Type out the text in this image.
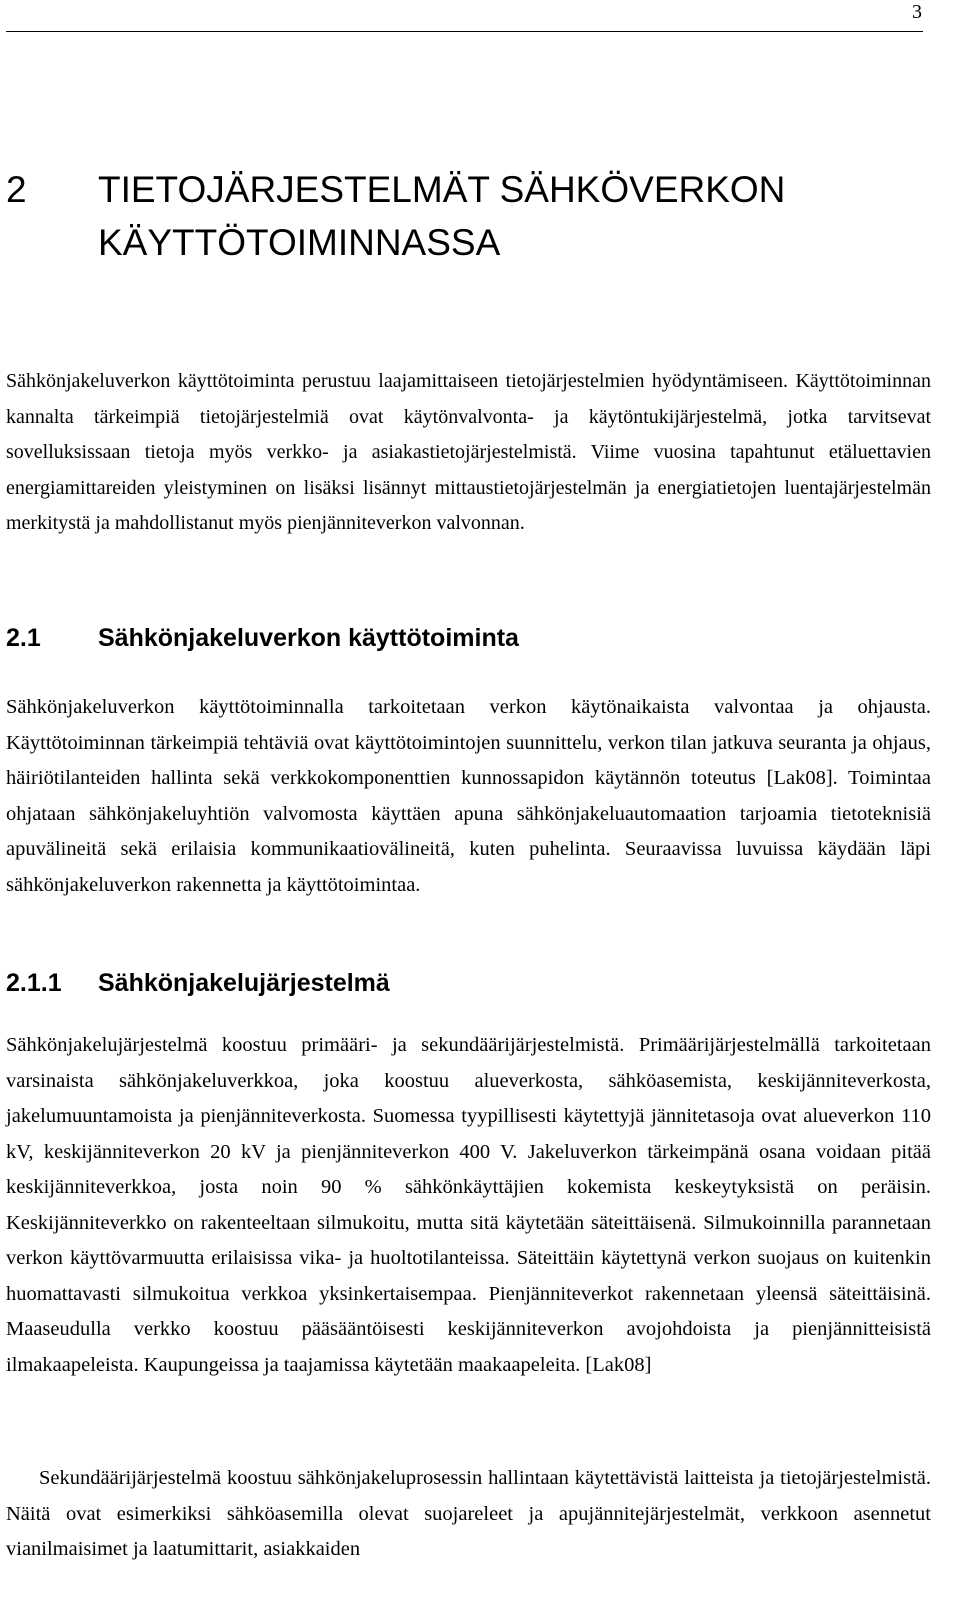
3
2	TIETOJÄRJESTELMÄT SÄHKÖVERKON
KÄYTTÖTOIMINNASSA

Sähkönjakeluverkon käyttötoiminta perustuu laajamittaiseen tietojärjestelmien hyödyntämiseen. Käyttötoiminnan kannalta tärkeimpiä tietojärjestelmiä ovat käytönvalvonta- ja käytöntukijärjestelmä, jotka tarvitsevat sovelluksissaan tietoja myös verkko- ja asiakastietojärjestelmistä. Viime vuosina tapahtunut etäluettavien energiamittareiden yleistyminen on lisäksi lisännyt mittaustietojärjestelmän ja energiatietojen luentajärjestelmän merkitystä ja mahdollistanut myös pienjänniteverkon valvonnan.

2.1	Sähkönjakeluverkon käyttötoiminta

Sähkönjakeluverkon käyttötoiminnalla tarkoitetaan verkon käytönaikaista valvontaa ja ohjausta. Käyttötoiminnan tärkeimpiä tehtäviä ovat käyttötoimintojen suunnittelu, verkon tilan jatkuva seuranta ja ohjaus, häiriötilanteiden hallinta sekä verkkokomponenttien kunnossapidon käytännön toteutus [Lak08]. Toimintaa ohjataan sähkönjakeluyhtiön valvomosta käyttäen apuna sähkönjakeluautomaation tarjoamia tietoteknisiä apuvälineitä sekä erilaisia kommunikaatiovälineitä, kuten puhelinta. Seuraavissa luvuissa käydään läpi sähkönjakeluverkon rakennetta ja käyttötoimintaa.

2.1.1	Sähkönjakelujärjestelmä

Sähkönjakelujärjestelmä koostuu primääri- ja sekundäärijärjestelmistä. Primäärijärjestelmällä tarkoitetaan varsinaista sähkönjakeluverkkoa, joka koostuu alueverkosta, sähköasemista, keskijänniteverkosta, jakelumuuntamoista ja pienjänniteverkosta. Suomessa tyypillisesti käytettyjä jännitetasoja ovat alueverkon 110 kV, keskijänniteverkon 20 kV ja pienjänniteverkon 400 V. Jakeluverkon tärkeimpänä osana voidaan pitää keskijänniteverkkoa, josta noin 90 % sähkönkäyttäjien kokemista keskeytyksistä on peräisin. Keskijänniteverkko on rakenteeltaan silmukoitu, mutta sitä käytetään säteittäisenä. Silmukoinnilla parannetaan verkon käyttövarmuutta erilaisissa vika- ja huoltotilanteissa. Säteittäin käytettynä verkon suojaus on kuitenkin huomattavasti silmukoitua verkkoa yksinkertaisempaa. Pienjänniteverkot rakennetaan yleensä säteittäisinä. Maaseudulla verkko koostuu pääsääntöisesti keskijänniteverkon avojohdoista ja pienjännitteisistä ilmakaapeleista. Kaupungeissa ja taajamissa käytetään maakaapeleita. [Lak08]

Sekundäärijärjestelmä koostuu sähkönjakeluprosessin hallintaan käytettävistä laitteista ja tietojärjestelmistä. Näitä ovat esimerkiksi sähköasemilla olevat suojareleet ja apujännitejärjestelmät, verkkoon asennetut vianilmaisimet ja laatumittarit, asiakkaiden
